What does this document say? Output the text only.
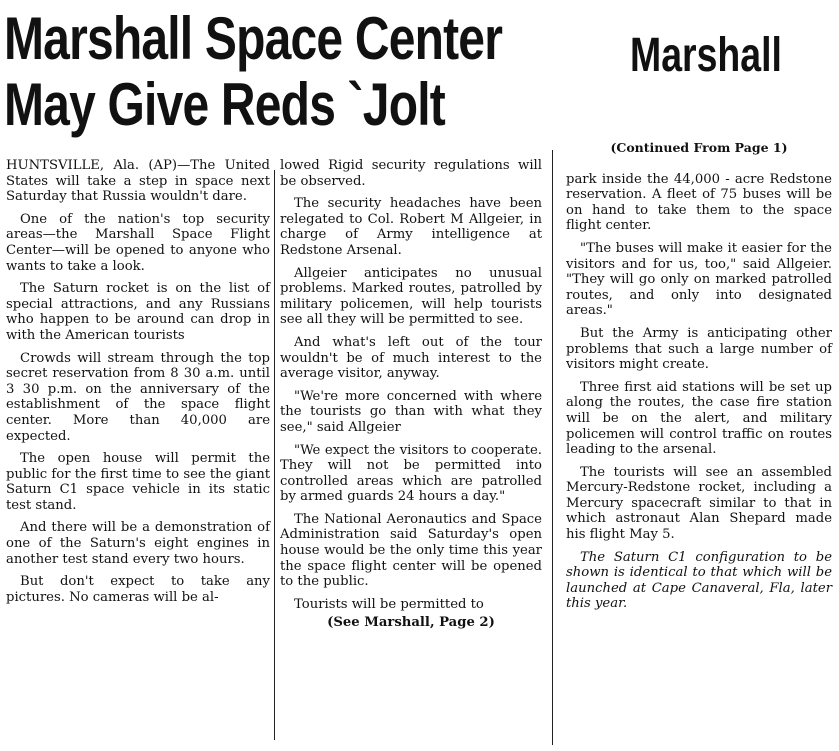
Marshall Space Center
May Give Reds `Jolt

HUNTSVILLE, Ala. (AP)—The United States will take a step in space next Saturday that Russia wouldn't dare.

One of the nation's top security areas—the Marshall Space Flight Center—will be opened to anyone who wants to take a look.

The Saturn rocket is on the list of special attractions, and any Russians who happen to be around can drop in with the American tourists

Crowds will stream through the top secret reservation from 8 30 a.m. until 3 30 p.m. on the anniversary of the establishment of the space flight center. More than 40,000 are expected.

The open house will permit the public for the first time to see the giant Saturn C1 space vehicle in its static test stand.

And there will be a demonstration of one of the Saturn's eight engines in another test stand every two hours.

But don't expect to take any pictures. No cameras will be al-

lowed Rigid security regulations will be observed.

The security headaches have been relegated to Col. Robert M Allgeier, in charge of Army intelligence at Redstone Arsenal.

Allgeier anticipates no unusual problems. Marked routes, patrolled by military policemen, will help tourists see all they will be permitted to see.

And what's left out of the tour wouldn't be of much interest to the average visitor, anyway.

"We're more concerned with where the tourists go than with what they see," said Allgeier

"We expect the visitors to cooperate. They will not be permitted into controlled areas which are patrolled by armed guards 24 hours a day."

The National Aeronautics and Space Administration said Saturday's open house would be the only time this year the space flight center will be opened to the public.

Tourists will be permitted to

(See Marshall, Page 2)
Marshall
(Continued From Page 1)

park inside the 44,000 - acre Redstone reservation. A fleet of 75 buses will be on hand to take them to the space flight center.

"The buses will make it easier for the visitors and for us, too," said Allgeier. "They will go only on marked patrolled routes, and only into designated areas."

But the Army is anticipating other problems that such a large number of visitors might create.

Three first aid stations will be set up along the routes, the case fire station will be on the alert, and military policemen will control traffic on routes leading to the arsenal.

The tourists will see an assembled Mercury-Redstone rocket, including a Mercury spacecraft similar to that in which astronaut Alan Shepard made his flight May 5.

The Saturn C1 configuration to be shown is identical to that which will be launched at Cape Canaveral, Fla, later this year.
